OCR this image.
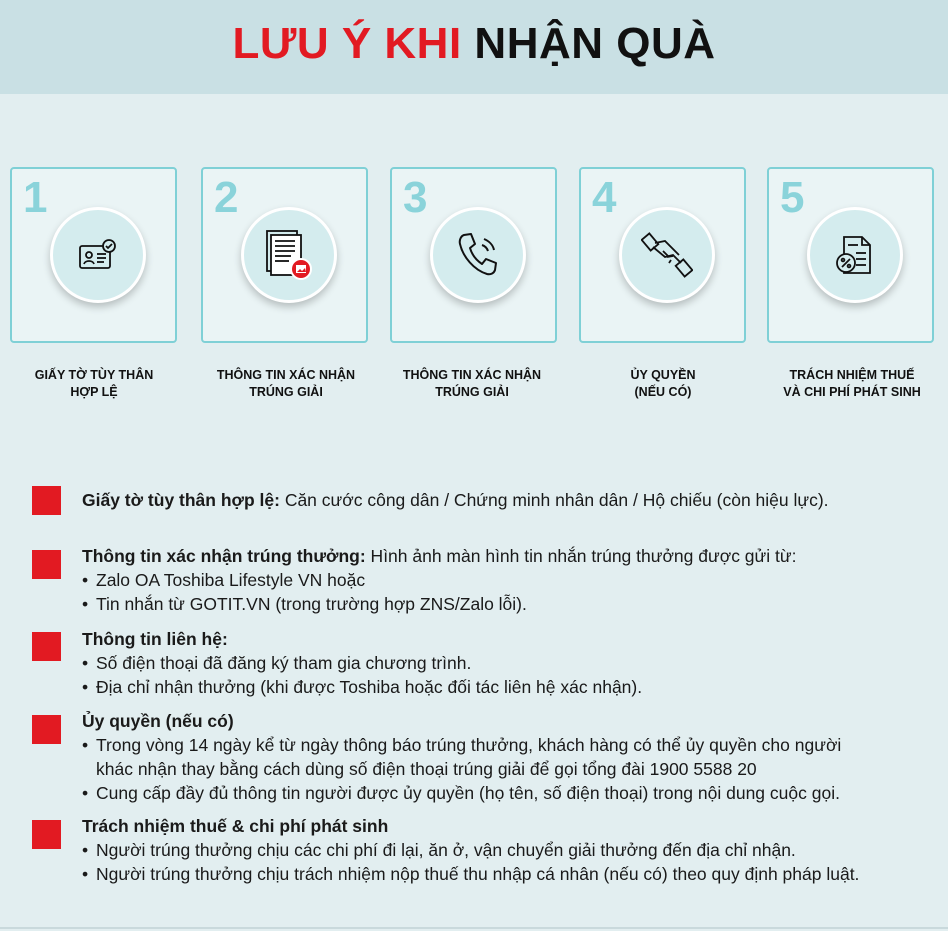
LƯU Ý KHI NHẬN QUÀ
1	2	3	4	5
GIẤY TỜ TÙY THÂN
HỢP LỆ
THÔNG TIN XÁC NHẬN
TRÚNG GIẢI
THÔNG TIN XÁC NHẬN
TRÚNG GIẢI
ỦY QUYỀN
(NẾU CÓ)
TRÁCH NHIỆM THUẾ
VÀ CHI PHÍ PHÁT SINH
Giấy tờ tùy thân hợp lệ: Căn cước công dân / Chứng minh nhân dân / Hộ chiếu (còn hiệu lực).
Thông tin xác nhận trúng thưởng: Hình ảnh màn hình tin nhắn trúng thưởng được gửi từ:
• Zalo OA Toshiba Lifestyle VN hoặc
• Tin nhắn từ GOTIT.VN (trong trường hợp ZNS/Zalo lỗi).
Thông tin liên hệ:
• Số điện thoại đã đăng ký tham gia chương trình.
• Địa chỉ nhận thưởng (khi được Toshiba hoặc đối tác liên hệ xác nhận).
Ủy quyền (nếu có)
• Trong vòng 14 ngày kể từ ngày thông báo trúng thưởng, khách hàng có thể ủy quyền cho người khác nhận thay bằng cách dùng số điện thoại trúng giải để gọi tổng đài 1900 5588 20
• Cung cấp đầy đủ thông tin người được ủy quyền (họ tên, số điện thoại) trong nội dung cuộc gọi.
Trách nhiệm thuế & chi phí phát sinh
• Người trúng thưởng chịu các chi phí đi lại, ăn ở, vận chuyển giải thưởng đến địa chỉ nhận.
• Người trúng thưởng chịu trách nhiệm nộp thuế thu nhập cá nhân (nếu có) theo quy định pháp luật.
